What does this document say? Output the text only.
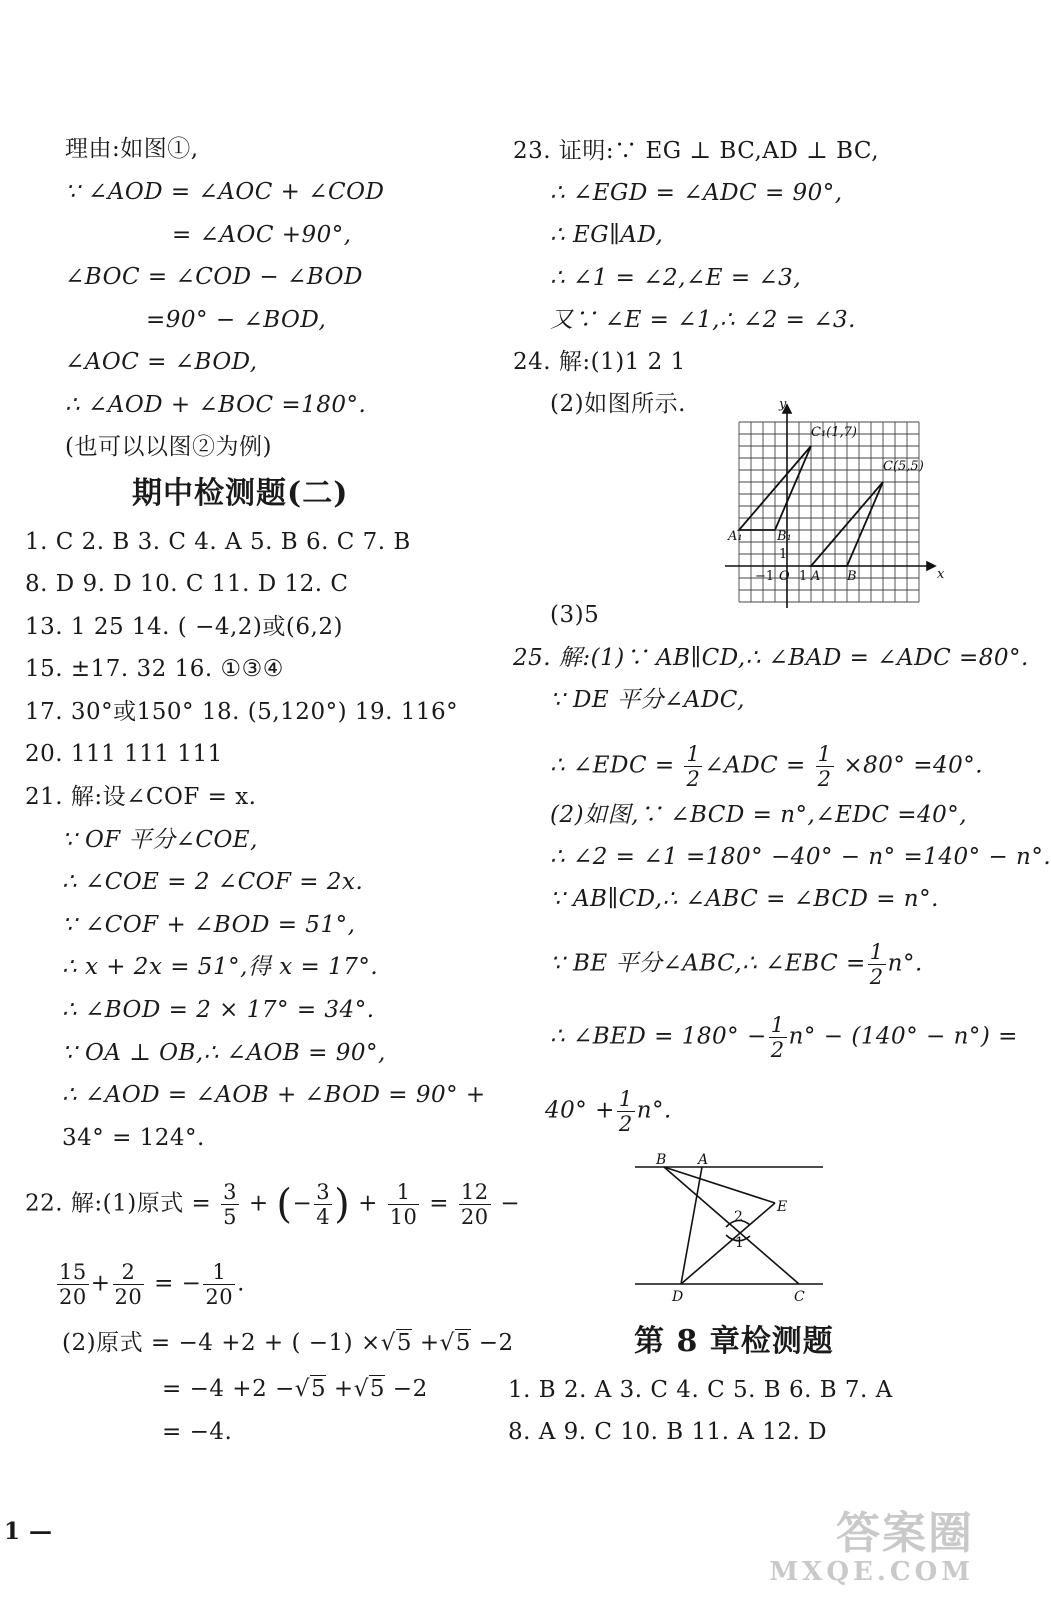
理由:如图①,
∵ ∠AOD = ∠AOC + ∠COD
= ∠AOC +90°,
∠BOC = ∠COD − ∠BOD
=90° − ∠BOD,
∠AOC = ∠BOD,
∴ ∠AOD + ∠BOC =180°.
(也可以以图②为例)
期中检测题(二)
1. C 2. B 3. C 4. A 5. B 6. C 7. B
8. D 9. D 10. C 11. D 12. C
13. 1 25 14. ( −4,2)或(6,2)
15. ±17. 32 16. ①③④
17. 30°或150° 18. (5,120°) 19. 116°
20. 111 111 111
21. 解:设∠COF = x.
∵ OF 平分∠COE,
∴ ∠COE = 2 ∠COF = 2x.
∵ ∠COF + ∠BOD = 51°,
∴ x + 2x = 51°,得 x = 17°.
∴ ∠BOD = 2 × 17° = 34°.
∵ OA ⊥ OB,∴ ∠AOB = 90°,
∴ ∠AOD = ∠AOB + ∠BOD = 90° +
34° = 124°.
22. 解:(1)原式 = $\frac{3}{5}$ + (− $\frac{3}{4}$ ) + $\frac{1}{10} = \frac{12}{20}$ −
$\frac{15}{20} + \frac{2}{20}$ = − $\frac{1}{20}$ .
(2)原式 = −4 +2 + ( −1) ×√5 +√5 −2
= −4 +2 −√5 +√5 −2
= −4.
1 —
23. 证明:∵ EG ⊥ BC,AD ⊥ BC,
∴ ∠EGD = ∠ADC = 90°,
∴ EG∥AD,
∴ ∠1 = ∠2,∠E = ∠3,
又∵ ∠E = ∠1,∴ ∠2 = ∠3.
24. 解:(1)1 2 1
(2)如图所示.	y
x
C₁(1,7)
C(5,5)
A₁	B₁
1
−1 O 1 A B
(3)5
25. 解:(1)∵ AB∥CD,∴ ∠BAD = ∠ADC =80°.
∵ DE 平分∠ADC,
∴ ∠EDC = $\frac{1}{2}$ ∠ADC = $\frac{1}{2} \times 80^\circ =40^\circ$.
(2)如图,∵ ∠BCD = n°,∠EDC =40°,
∴ ∠2 = ∠1 =180° −40° − n° =140° − n°.
∵ AB∥CD,∴ ∠ABC = ∠BCD = n°.
∵ BE 平分∠ABC,∴ ∠EBC = $\frac{1}{2} n^\circ$.
∴ ∠BED = $180^\circ - \frac{1}{2} n^\circ - (140^\circ - n^\circ)$ =
$40^\circ + \frac{1}{2} n^\circ$.
B A
E
2
1
D	C
第 8 章检测题
1. B 2. A 3. C 4. C 5. B 6. B 7. A
8. A 9. C 10. B 11. A 12. D
答案圈
MXQE.COM
